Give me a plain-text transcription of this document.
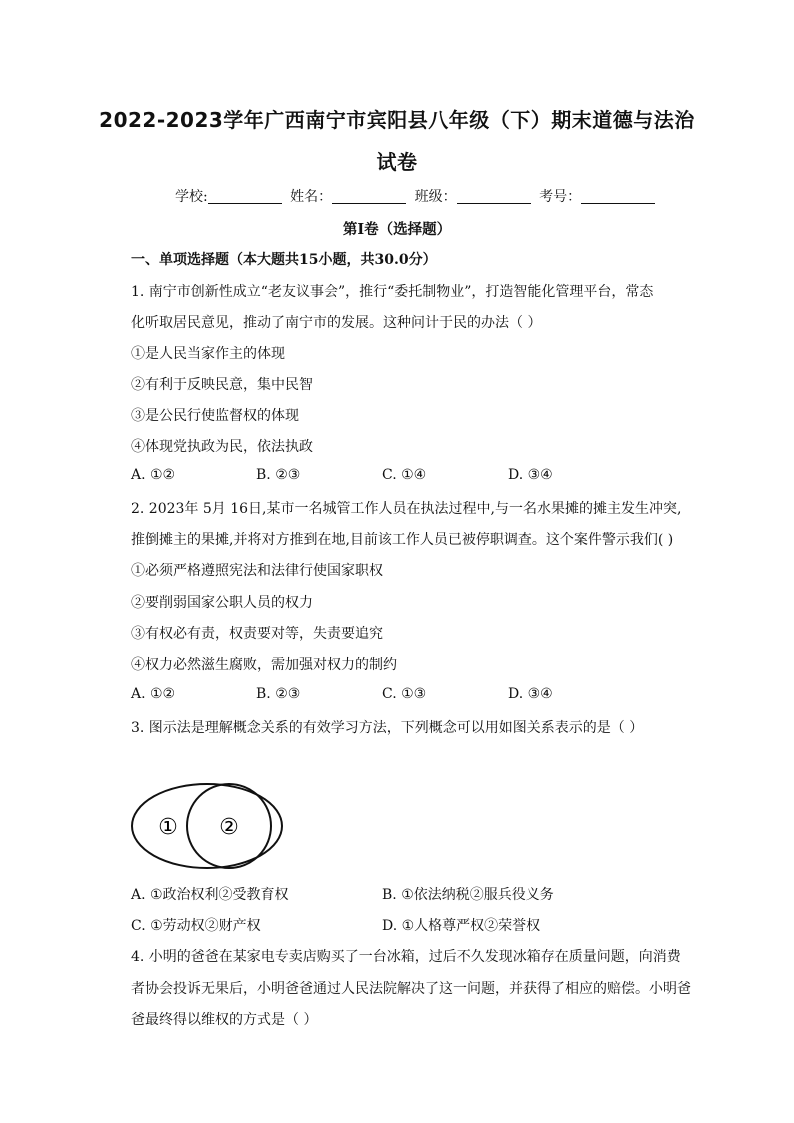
2022-2023学年广西南宁市宾阳县八年级（下）期末道德与法治
试卷
学校:	姓名：	班级：	考号：
第Ⅰ卷（选择题）
一、单项选择题（本大题共15小题，共30.0分）
1. 南宁市创新性成立“老友议事会”，推行“委托制物业”，打造智能化管理平台，常态
化听取居民意见，推动了南宁市的发展。这种问计于民的办法（ ）
①是人民当家作主的体现
②有利于反映民意，集中民智
③是公民行使监督权的体现
④体现党执政为民，依法执政
A. ①②	B. ②③	C. ①④	D. ③④
2. 2023年 5月 16日,某市一名城管工作人员在执法过程中,与一名水果摊的摊主发生冲突,
推倒摊主的果摊,并将对方推到在地,目前该工作人员已被停职调查。这个案件警示我们( )
①必须严格遵照宪法和法律行使国家职权
②要削弱国家公职人员的权力
③有权必有责，权责要对等，失责要追究
④权力必然滋生腐败，需加强对权力的制约
A. ①②	B. ②③	C. ①③	D. ③④
3. 图示法是理解概念关系的有效学习方法，下列概念可以用如图关系表示的是（ ）
① ②
A. ①政治权利②受教育权	B. ①依法纳税②服兵役义务
C. ①劳动权②财产权	D. ①人格尊严权②荣誉权
4. 小明的爸爸在某家电专卖店购买了一台冰箱，过后不久发现冰箱存在质量问题，向消费
者协会投诉无果后，小明爸爸通过人民法院解决了这一问题，并获得了相应的赔偿。小明爸
爸最终得以维权的方式是（ ）
